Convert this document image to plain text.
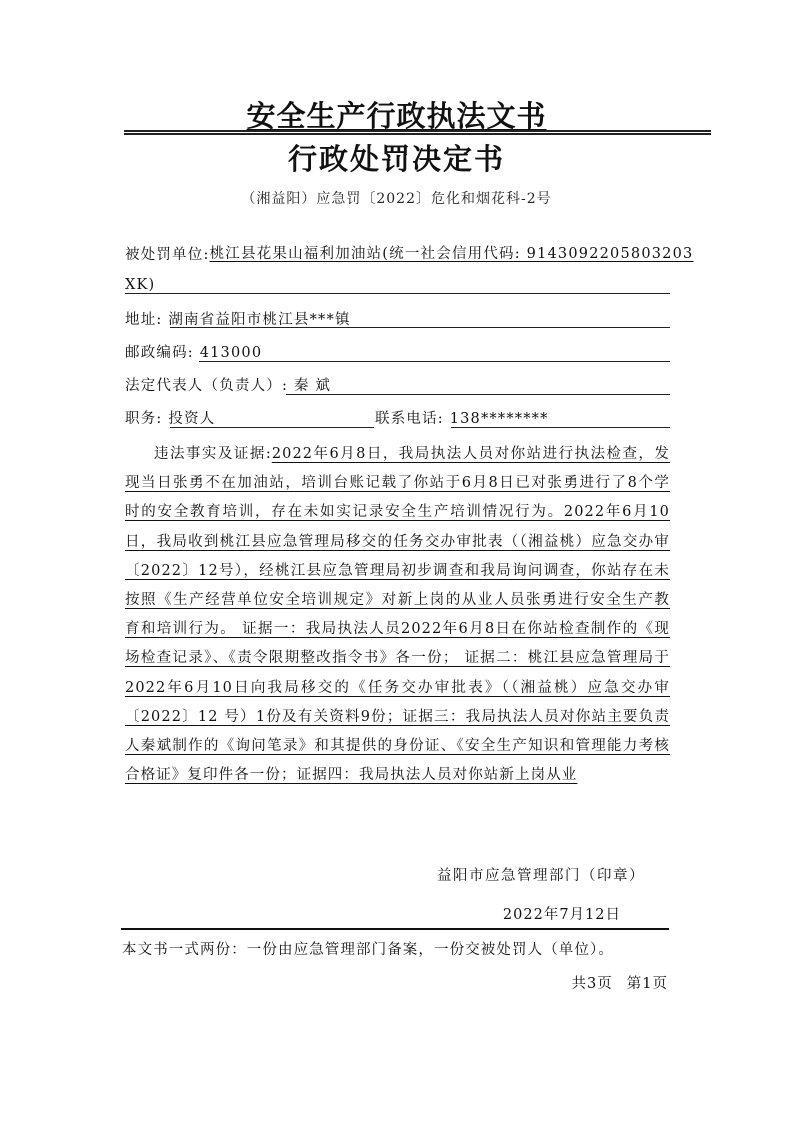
安全生产行政执法文书
行政处罚决定书
（湘益阳）应急罚〔2022〕危化和烟花科-2号
被处罚单位:桃江县花果山福利加油站(统一社会信用代码: 9143092205803203
XK)
地址: 湖南省益阳市桃江县***镇
邮政编码: 413000
法定代表人（负责人）: 秦 斌
职务: 投资人	联系电话: 138********
违法事实及证据:2022年6月8日，我局执法人员对你站进行执法检查，发现当日张勇不在加油站，培训台账记载了你站于6月8日已对张勇进行了8个学时的安全教育培训，存在未如实记录安全生产培训情况行为。2022年6月10日，我局收到桃江县应急管理局移交的任务交办审批表（（湘益桃）应急交办审〔2022〕12号），经桃江县应急管理局初步调查和我局询问调查，你站存在未按照《生产经营单位安全培训规定》对新上岗的从业人员张勇进行安全生产教育和培训行为。 证据一：我局执法人员2022年6月8日在你站检查制作的《现场检查记录》、《责令限期整改指令书》各一份； 证据二：桃江县应急管理局于2022年6月10日向我局移交的《任务交办审批表》（（湘益桃）应急交办审〔2022〕12 号）1份及有关资料9份；证据三：我局执法人员对你站主要负责人秦斌制作的《询问笔录》和其提供的身份证、《安全生产知识和管理能力考核合格证》复印件各一份；证据四：我局执法人员对你站新上岗从业
益阳市应急管理部门（印章）
2022年7月12日
本文书一式两份：一份由应急管理部门备案，一份交被处罚人（单位）。
共3页 第1页
